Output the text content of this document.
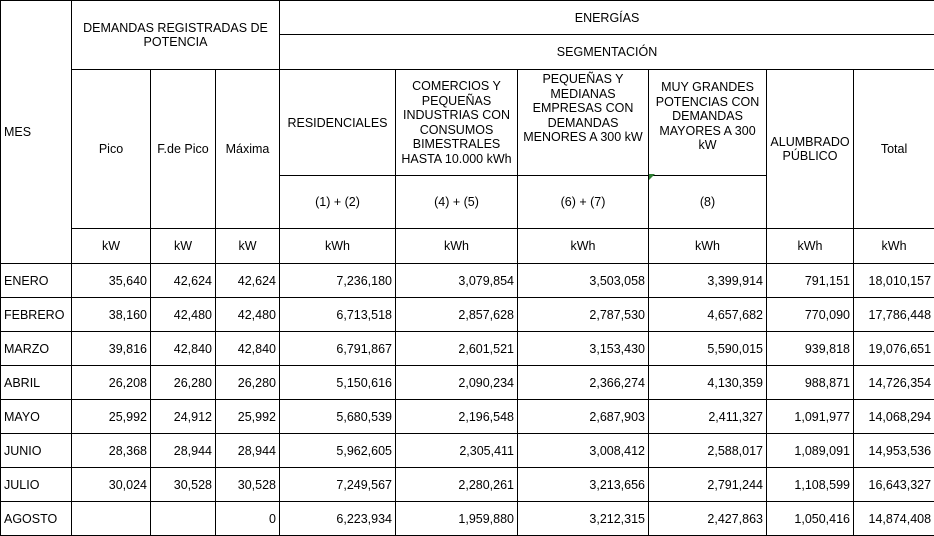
MES	DEMANDAS REGISTRADAS DE POTENCIA			ENERGÍAS					
				SEGMENTACIÓN					
	Pico	F.de Pico	Máxima	RESIDENCIALES	COMERCIOS Y PEQUEÑAS INDUSTRIAS CON CONSUMOS BIMESTRALES HASTA 10.000 kWh	PEQUEÑAS Y MEDIANAS EMPRESAS CON DEMANDAS MENORES A 300 kW	MUY GRANDES POTENCIAS CON DEMANDAS MAYORES A 300 kW	ALUMBRADO PÚBLICO	Total
				(1) + (2)	(4) + (5)	(6) + (7)	(8)		
	kW	kW	kW	kWh	kWh	kWh	kWh	kWh	kWh
ENERO	35,640	42,624	42,624	7,236,180	3,079,854	3,503,058	3,399,914	791,151	18,010,157
FEBRERO	38,160	42,480	42,480	6,713,518	2,857,628	2,787,530	4,657,682	770,090	17,786,448
MARZO	39,816	42,840	42,840	6,791,867	2,601,521	3,153,430	5,590,015	939,818	19,076,651
ABRIL	26,208	26,280	26,280	5,150,616	2,090,234	2,366,274	4,130,359	988,871	14,726,354
MAYO	25,992	24,912	25,992	5,680,539	2,196,548	2,687,903	2,411,327	1,091,977	14,068,294
JUNIO	28,368	28,944	28,944	5,962,605	2,305,411	3,008,412	2,588,017	1,089,091	14,953,536
JULIO	30,024	30,528	30,528	7,249,567	2,280,261	3,213,656	2,791,244	1,108,599	16,643,327
AGOSTO			0	6,223,934	1,959,880	3,212,315	2,427,863	1,050,416	14,874,408
